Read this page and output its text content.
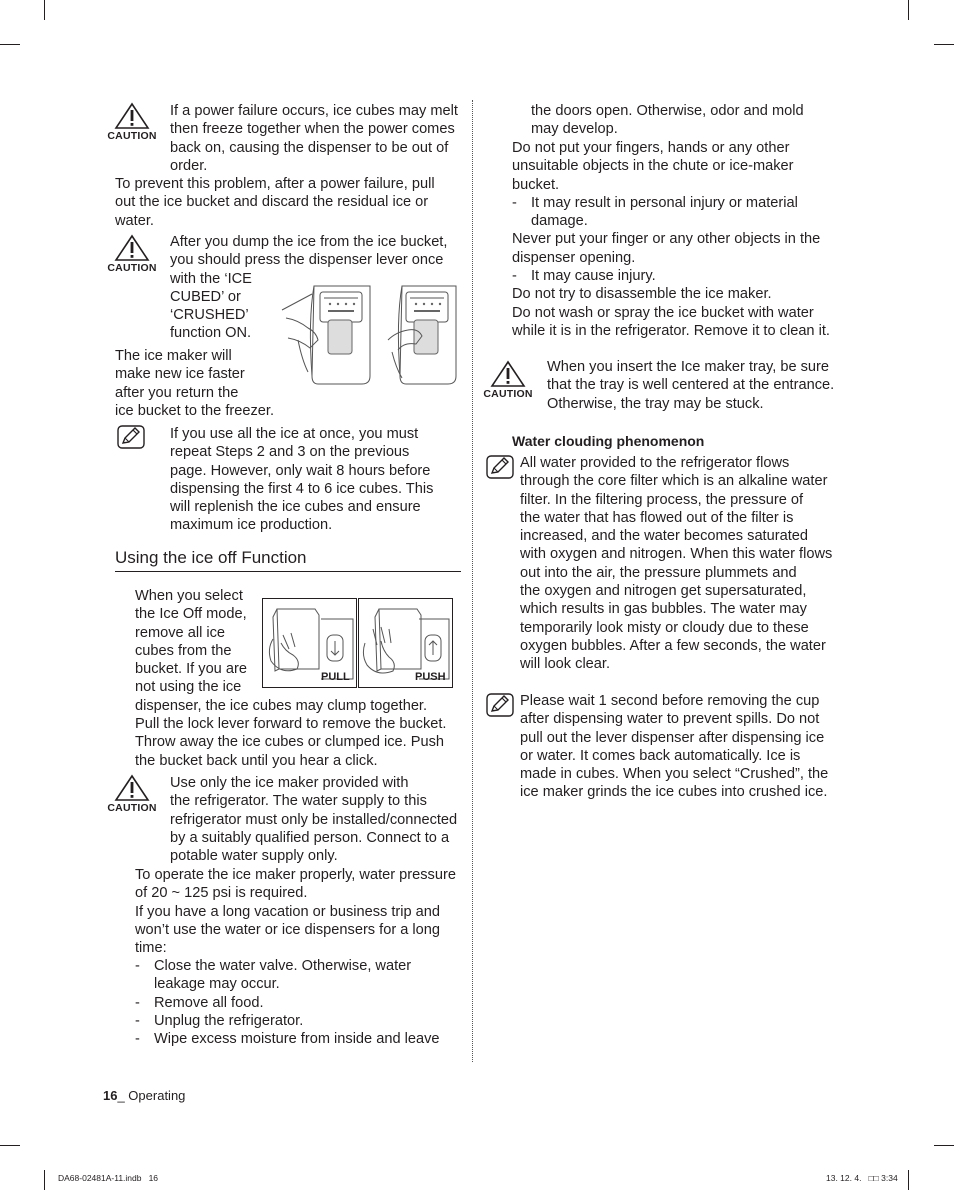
CAUTION
If a power failure occurs, ice cubes may melt
then freeze together when the power comes
back on, causing the dispenser to be out of
order.
To prevent this problem, after a power failure, pull
out the ice bucket and discard the residual ice or
water.
CAUTION
After you dump the ice from the ice bucket,
you should press the dispenser lever once
with the ‘ICE
CUBED’ or
‘CRUSHED’
function ON.
The ice maker will
make new ice faster
after you return the
ice bucket to the freezer.
If you use all the ice at once, you must
repeat Steps 2 and 3 on the previous
page. However, only wait 8 hours before
dispensing the first 4 to 6 ice cubes. This
will replenish the ice cubes and ensure
maximum ice production.
Using the ice off Function
When you select
the Ice Off mode,
remove all ice
cubes from the
bucket. If you are
not using the ice
dispenser, the ice cubes may clump together.
Pull the lock lever forward to remove the bucket.
Throw away the ice cubes or clumped ice. Push
the bucket back until you hear a click.
PULL	PUSH
CAUTION
Use only the ice maker provided with
the refrigerator. The water supply to this
refrigerator must only be installed/connected
by a suitably qualified person. Connect to a
potable water supply only.
To operate the ice maker properly, water pressure
of 20 ~ 125 psi is required.
If you have a long vacation or business trip and
won’t use the water or ice dispensers for a long
time:
- Close the water valve. Otherwise, water
leakage may occur.
- Remove all food.
- Unplug the refrigerator.
- Wipe excess moisture from inside and leave
the doors open. Otherwise, odor and mold
may develop.
Do not put your fingers, hands or any other
unsuitable objects in the chute or ice-maker
bucket.
- It may result in personal injury or material
damage.
Never put your finger or any other objects in the
dispenser opening.
- It may cause injury.
Do not try to disassemble the ice maker.
Do not wash or spray the ice bucket with water
while it is in the refrigerator. Remove it to clean it.
CAUTION
When you insert the Ice maker tray, be sure
that the tray is well centered at the entrance.
Otherwise, the tray may be stuck.
Water clouding phenomenon
All water provided to the refrigerator flows
through the core filter which is an alkaline water
filter. In the filtering process, the pressure of
the water that has flowed out of the filter is
increased, and the water becomes saturated
with oxygen and nitrogen. When this water flows
out into the air, the pressure plummets and
the oxygen and nitrogen get supersaturated,
which results in gas bubbles. The water may
temporarily look misty or cloudy due to these
oxygen bubbles. After a few seconds, the water
will look clear.
Please wait 1 second before removing the cup
after dispensing water to prevent spills. Do not
pull out the lever dispenser after dispensing ice
or water. It comes back automatically. Ice is
made in cubes. When you select “Crushed”, the
ice maker grinds the ice cubes into crushed ice.
16_ Operating
DA68-02481A-11.indb   16	13. 12. 4.   □□ 3:34
